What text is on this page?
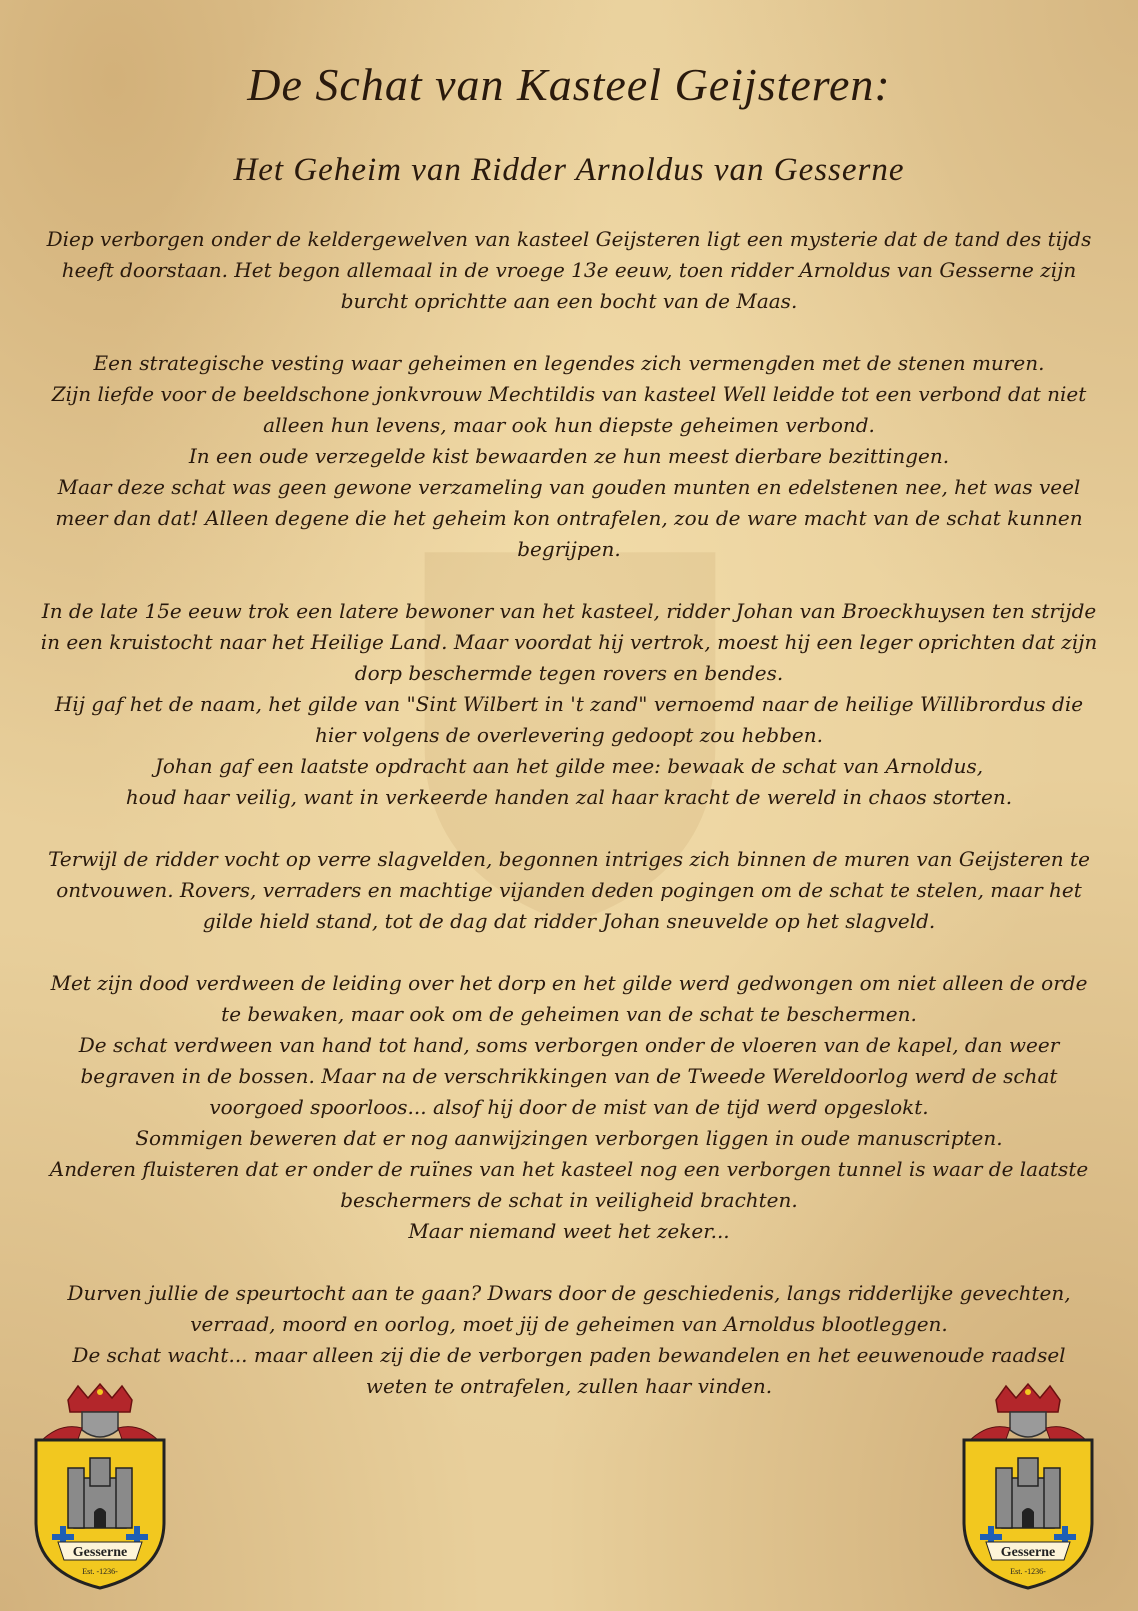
De Schat van Kasteel Geijsteren:
Het Geheim van Ridder Arnoldus van Gesserne

Diep verborgen onder de keldergewelven van kasteel Geijsteren ligt een mysterie dat de tand des tijds heeft doorstaan. Het begon allemaal in de vroege 13e eeuw, toen ridder Arnoldus van Gesserne zijn burcht oprichtte aan een bocht van de Maas.

Een strategische vesting waar geheimen en legendes zich vermengden met de stenen muren.

Zijn liefde voor de beeldschone jonkvrouw Mechtildis van kasteel Well leidde tot een verbond dat niet alleen hun levens, maar ook hun diepste geheimen verbond.

In een oude verzegelde kist bewaarden ze hun meest dierbare bezittingen.

Maar deze schat was geen gewone verzameling van gouden munten en edelstenen nee, het was veel meer dan dat! Alleen degene die het geheim kon ontrafelen, zou de ware macht van de schat kunnen begrijpen.

In de late 15e eeuw trok een latere bewoner van het kasteel, ridder Johan van Broeckhuysen ten strijde in een kruistocht naar het Heilige Land. Maar voordat hij vertrok, moest hij een leger oprichten dat zijn dorp beschermde tegen rovers en bendes.

Hij gaf het de naam, het gilde van "Sint Wilbert in 't zand" vernoemd naar de heilige Willibrordus die hier volgens de overlevering gedoopt zou hebben.

Johan gaf een laatste opdracht aan het gilde mee: bewaak de schat van Arnoldus,

houd haar veilig, want in verkeerde handen zal haar kracht de wereld in chaos storten.

Terwijl de ridder vocht op verre slagvelden, begonnen intriges zich binnen de muren van Geijsteren te ontvouwen. Rovers, verraders en machtige vijanden deden pogingen om de schat te stelen, maar het gilde hield stand, tot de dag dat ridder Johan sneuvelde op het slagveld.

Met zijn dood verdween de leiding over het dorp en het gilde werd gedwongen om niet alleen de orde te bewaken, maar ook om de geheimen van de schat te beschermen.

De schat verdween van hand tot hand, soms verborgen onder de vloeren van de kapel, dan weer begraven in de bossen. Maar na de verschrikkingen van de Tweede Wereldoorlog werd de schat voorgoed spoorloos... alsof hij door de mist van de tijd werd opgeslokt.

Sommigen beweren dat er nog aanwijzingen verborgen liggen in oude manuscripten.

Anderen fluisteren dat er onder de ruïnes van het kasteel nog een verborgen tunnel is waar de laatste beschermers de schat in veiligheid brachten.

Maar niemand weet het zeker...

Durven jullie de speurtocht aan te gaan? Dwars door de geschiedenis, langs ridderlijke gevechten, verraad, moord en oorlog, moet jij de geheimen van Arnoldus blootleggen.

De schat wacht... maar alleen zij die de verborgen paden bewandelen en het eeuwenoude raadsel weten te ontrafelen, zullen haar vinden.

Gesserne
Est. -1236-
Gesserne
Est. -1236-
